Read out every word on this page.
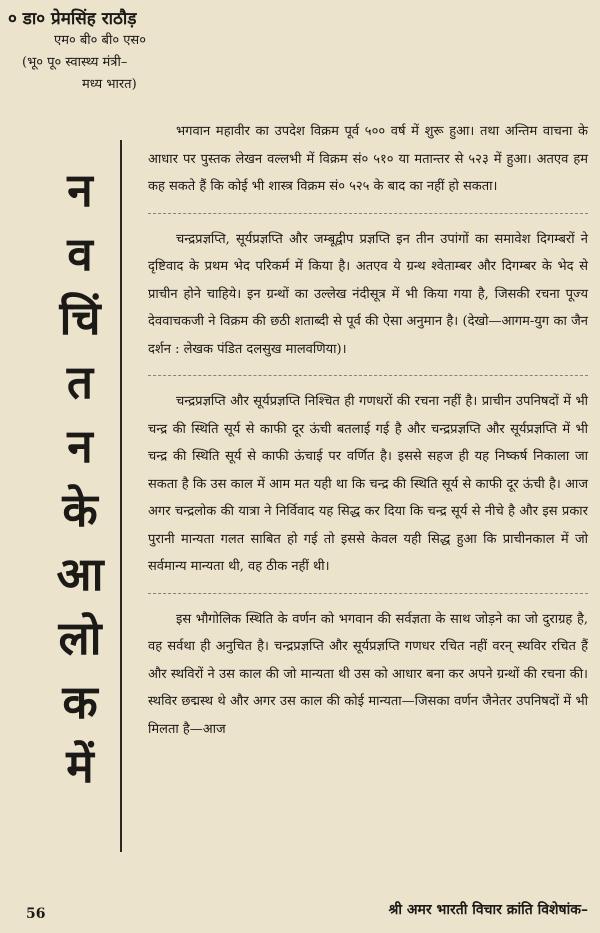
० डा० प्रेमसिंह राठौड़

एम० बी० बी० एस०

(भू० पू० स्वास्थ्य मंत्री–

मध्य भारत)

न
व
चिं
त
न
के
आ
लो
क
में

भगवान महावीर का उपदेश विक्रम पूर्व ५०० वर्ष में शुरू हुआ। तथा अन्तिम वाचना के आधार पर पुस्तक लेखन वल्लभी में विक्रम सं० ५१० या मतान्तर से ५२३ में हुआ। अतएव हम कह सकते हैं कि कोई भी शास्त्र विक्रम सं० ५२५ के बाद का नहीं हो सकता।

चन्द्रप्रज्ञप्ति, सूर्यप्रज्ञप्ति और जम्बूद्वीप प्रज्ञप्ति इन तीन उपांगों का समावेश दिगम्बरों ने दृष्टिवाद के प्रथम भेद परिकर्म में किया है। अतएव ये ग्रन्थ श्वेताम्बर और दिगम्बर के भेद से प्राचीन होने चाहिये। इन ग्रन्थों का उल्लेख नंदीसूत्र में भी किया गया है, जिसकी रचना पूज्य देववाचकजी ने विक्रम की छठी शताब्दी से पूर्व की ऐसा अनुमान है। (देखो—आगम-युग का जैन दर्शन : लेखक पंडित दलसुख मालवणिया)।

चन्द्रप्रज्ञप्ति और सूर्यप्रज्ञप्ति निश्चित ही गणधरों की रचना नहीं है। प्राचीन उपनिषदों में भी चन्द्र की स्थिति सूर्य से काफी दूर ऊंची बतलाई गई है और चन्द्रप्रज्ञप्ति और सूर्यप्रज्ञप्ति में भी चन्द्र की स्थिति सूर्य से काफी ऊंचाई पर वर्णित है। इससे सहज ही यह निष्कर्ष निकाला जा सकता है कि उस काल में आम मत यही था कि चन्द्र की स्थिति सूर्य से काफी दूर ऊंची है। आज अगर चन्द्रलोक की यात्रा ने निर्विवाद यह सिद्ध कर दिया कि चन्द्र सूर्य से नीचे है और इस प्रकार पुरानी मान्यता गलत साबित हो गई तो इससे केवल यही सिद्ध हुआ कि प्राचीनकाल में जो सर्वमान्य मान्यता थी, वह ठीक नहीं थी।

इस भौगोलिक स्थिति के वर्णन को भगवान की सर्वज्ञता के साथ जोड़ने का जो दुराग्रह है, वह सर्वथा ही अनुचित है। चन्द्रप्रज्ञप्ति और सूर्यप्रज्ञप्ति गणधर रचित नहीं वरन् स्थविर रचित हैं और स्थविरों ने उस काल की जो मान्यता थी उस को आधार बना कर अपने ग्रन्थों की रचना की। स्थविर छद्मस्थ थे और अगर उस काल की कोई मान्यता—जिसका वर्णन जैनेतर उपनिषदों में भी मिलता है—आज

56	श्री अमर भारती विचार क्रांति विशेषांक–
